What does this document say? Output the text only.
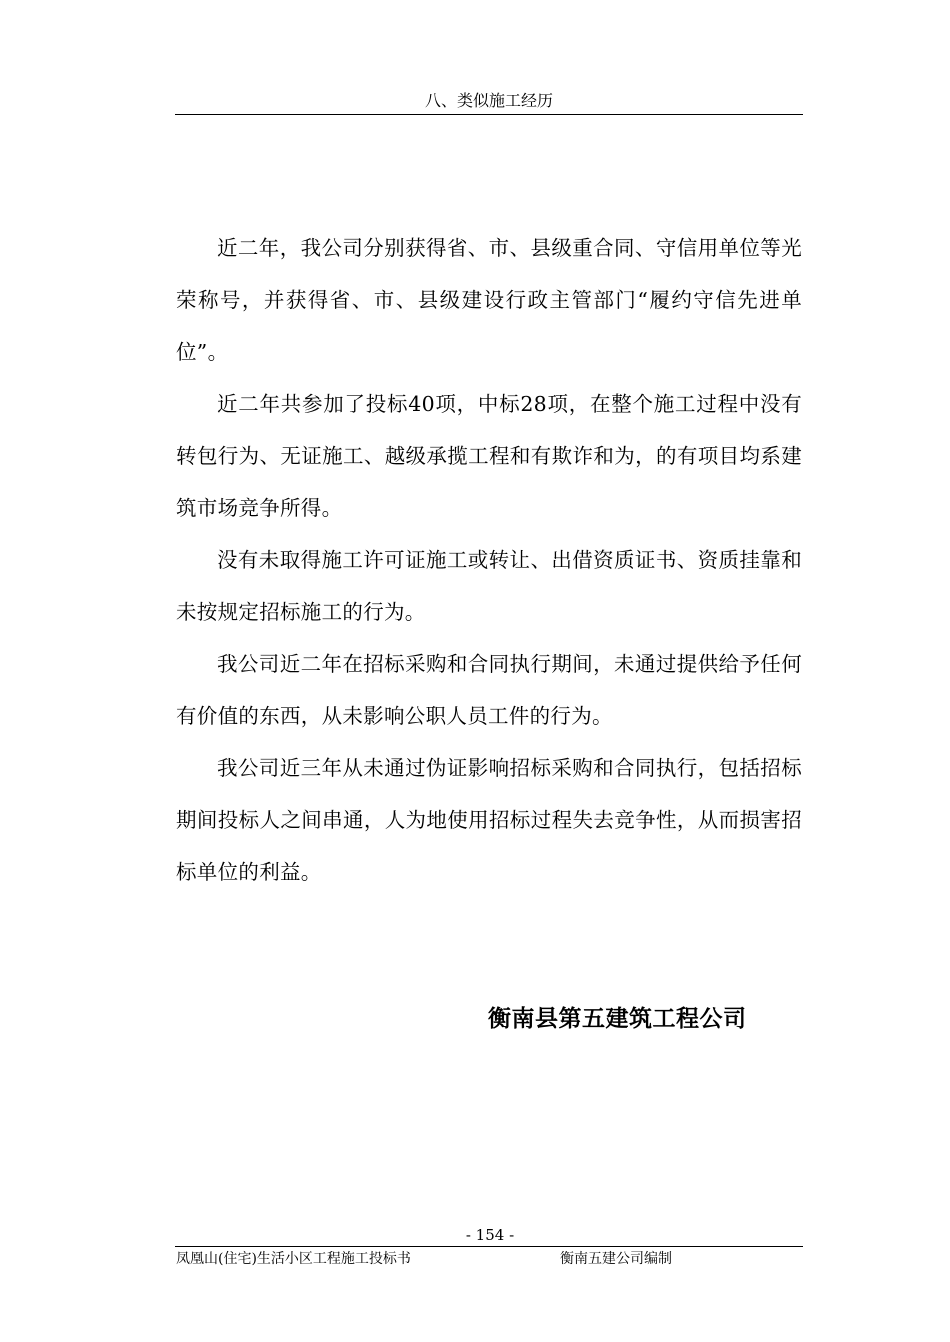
八、类似施工经历

近二年，我公司分别获得省、市、县级重合同、守信用单位等光荣称号，并获得省、市、县级建设行政主管部门“履约守信先进单位”。

近二年共参加了投标40项，中标28项，在整个施工过程中没有转包行为、无证施工、越级承揽工程和有欺诈和为，的有项目均系建筑市场竞争所得。

没有未取得施工许可证施工或转让、出借资质证书、资质挂靠和未按规定招标施工的行为。

我公司近二年在招标采购和合同执行期间，未通过提供给予任何有价值的东西，从未影响公职人员工件的行为。

我公司近三年从未通过伪证影响招标采购和合同执行，包括招标期间投标人之间串通，人为地使用招标过程失去竞争性，从而损害招标单位的利益。

衡南县第五建筑工程公司
- 154 -
凤凰山(住宅)生活小区工程施工投标书	衡南五建公司编制
